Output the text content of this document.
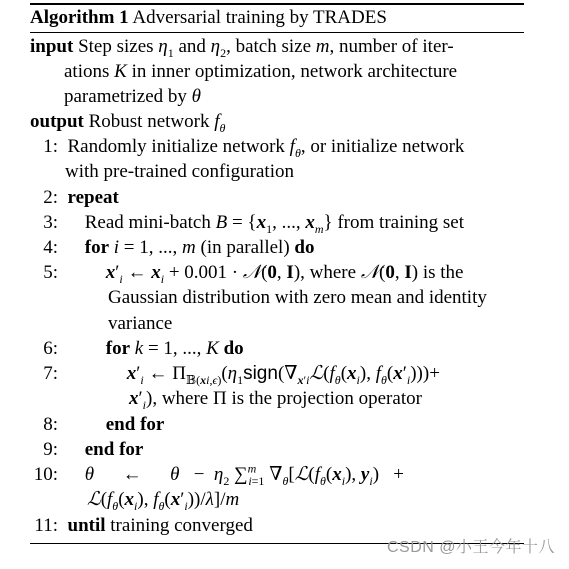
Algorithm 1 Adversarial training by TRADES
input Step sizes $\eta_1$ and $\eta_2$, batch size m, number of iter-
ations K in inner optimization, network architecture
parametrized by θ
output Robust network $f_\theta$
1:  Randomly initialize network $f_\theta$, or initialize network
with pre-trained configuration
2: repeat
3: Read mini-batch $B = \{x_1$, ..., $x_m$} from training set
4: for i = 1, ..., m (in parallel) do
5:	$x'_i$ ← $x_i + 0.001$ · 𝒩(0, I), where 𝒩(0, I) is the
Gaussian distribution with zero mean and identity
variance
6:	for k = 1, ..., K do
7:	$x'_i$ ← $\Pi_{𝔹(xi,\epsilon)}(\eta_1sign(\nabla_{x'i}ℒ(f_\theta(x_i)$, $f_\theta(x'_i)))+$
$x'_i$), where Π is the projection operator
8:	end for
9: end for
10: θ      ←      $\theta - \eta_2$ ∑$^m_{i=1}$ $\nabla_\theta[ℒ(f_\theta(x_i)$, $y_i$)   +
$ℒ(f_\theta(x_i)$, $f_\theta(x'_i))/\lambda]/m$
11: until training converged
CSDN @小王今年十八
